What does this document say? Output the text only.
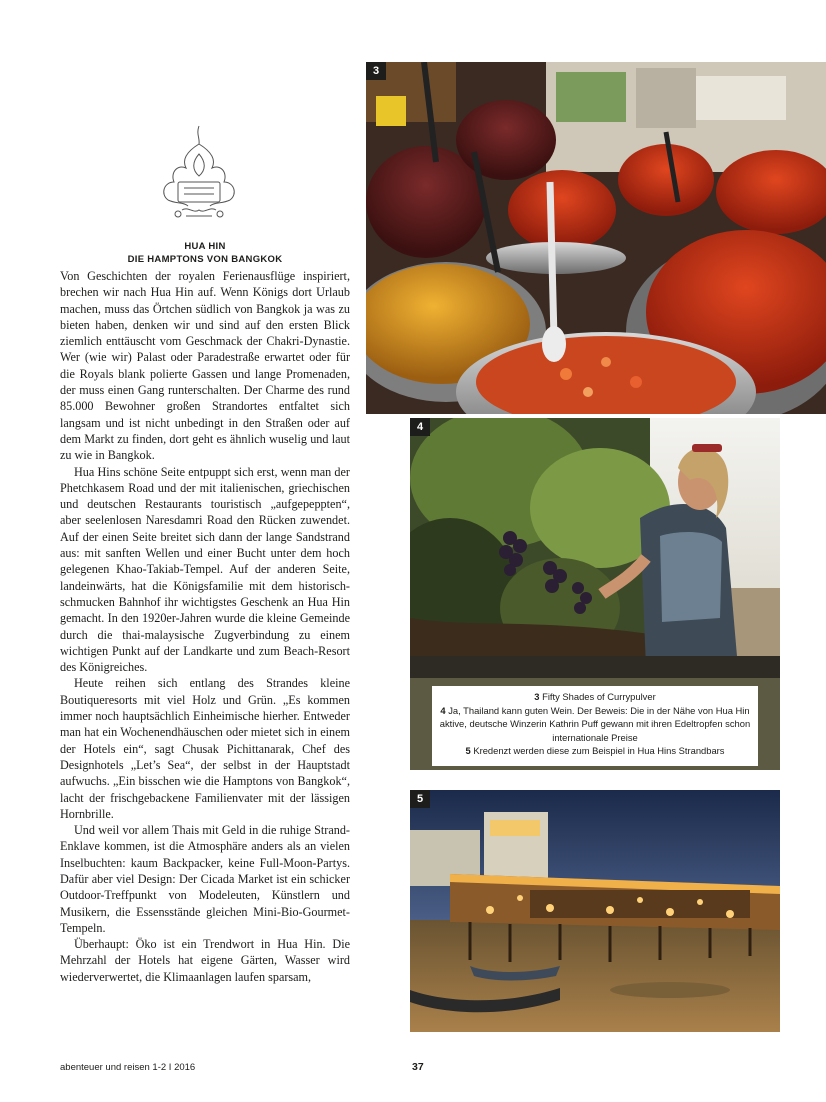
HUA HIN
DIE HAMPTONS VON BANGKOK

Von Geschichten der royalen Ferienausflüge inspiriert, brechen wir nach Hua Hin auf. Wenn Königs dort Urlaub machen, muss das Örtchen südlich von Bangkok ja was zu bieten haben, denken wir und sind auf den ersten Blick ziemlich enttäuscht vom Geschmack der Chakri-Dynastie. Wer (wie wir) Palast oder Paradestraße erwartet oder für die Royals blank polierte Gassen und lange Promenaden, der muss einen Gang runterschalten. Der Charme des rund 85.000 Bewohner großen Strandortes entfaltet sich langsam und ist nicht unbedingt in den Straßen oder auf dem Markt zu finden, dort geht es ähnlich wuselig und laut zu wie in Bangkok.

Hua Hins schöne Seite entpuppt sich erst, wenn man der Phetchkasem Road und der mit italienischen, griechischen und deutschen Restaurants touristisch „aufgepeppten“, aber seelenlosen Naresdamri Road den Rücken zuwendet. Auf der einen Seite breitet sich dann der lange Sandstrand aus: mit sanften Wellen und einer Bucht unter dem hoch gelegenen Khao-Takiab-Tempel. Auf der anderen Seite, landeinwärts, hat die Königsfamilie mit dem historisch-schmucken Bahnhof ihr wichtigstes Geschenk an Hua Hin gemacht. In den 1920er-Jahren wurde die kleine Gemeinde durch die thai-malaysische Zugverbindung zu einem wichtigen Punkt auf der Landkarte und zum Beach-Resort des Königreiches.

Heute reihen sich entlang des Strandes kleine Boutiqueresorts mit viel Holz und Grün. „Es kommen immer noch hauptsächlich Einheimische hierher. Entweder man hat ein Wochenendhäuschen oder mietet sich in einem der Hotels ein“, sagt Chusak Pichittanarak, Chef des Designhotels „Let’s Sea“, der selbst in der Hauptstadt aufwuchs. „Ein bisschen wie die Hamptons von Bangkok“, lacht der frischgebackene Familienvater mit der lässigen Hornbrille.

Und weil vor allem Thais mit Geld in die ruhige Strand-Enklave kommen, ist die Atmosphäre anders als an vielen Inselbuchten: kaum Backpacker, keine Full-Moon-Partys. Dafür aber viel Design: Der Cicada Market ist ein schicker Outdoor-Treffpunkt von Modeleuten, Künstlern und Musikern, die Essensstände gleichen Mini-Bio-Gourmet-Tempeln.

Überhaupt: Öko ist ein Trendwort in Hua Hin. Die Mehrzahl der Hotels hat eigene Gärten, Wasser wird wiederverwertet, die Klimaanlagen laufen sparsam,

3
4
3 Fifty Shades of Currypulver
4 Ja, Thailand kann guten Wein. Der Beweis: Die in der Nähe von Hua Hin aktive, deutsche Winzerin Kathrin Puff gewann mit ihren Edeltropfen schon internationale Preise
5 Kredenzt werden diese zum Beispiel in Hua Hins Strandbars
5
abenteuer und reisen 1-2 I 2016	37
